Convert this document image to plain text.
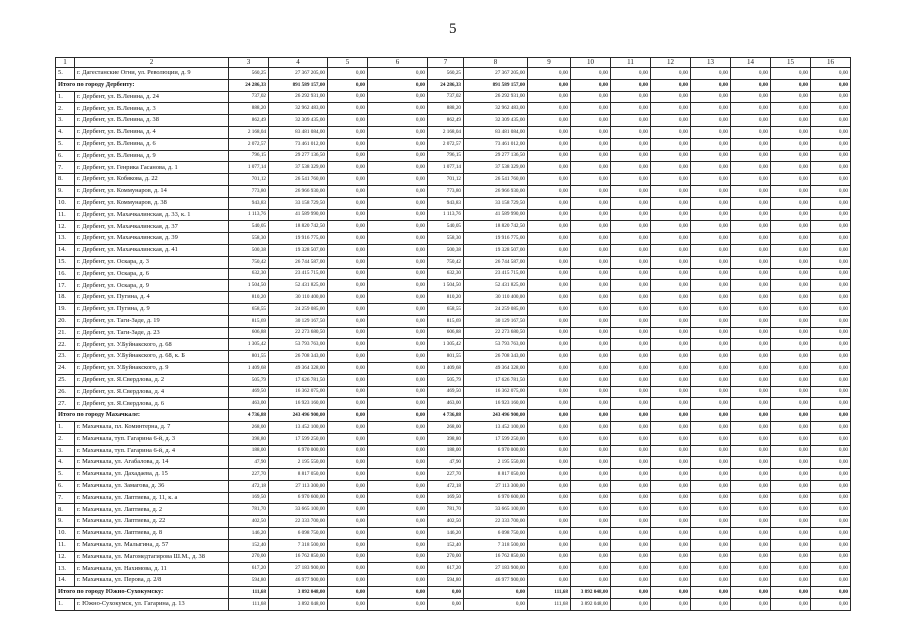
5
1	2	3	4	5	6	7	8	9	10	11	12	13	14	15	16
5.	г. Дагестанские Огни, ул. Революции, д. 9	560,25	27 367 205,00	0,00	0,00	560,25	27 367 205,00	0,00	0,00	0,00	0,00	0,00	0,00	0,00	0,00
Итого по городу Дербенту:		24 286,33	891 589 157,00	0,00	0,00	24 286,33	891 589 157,00	0,00	0,00	0,00	0,00	0,00	0,00	0,00	0,00
1.	г. Дербент, ул. В.Ленина, д. 24	737,02	26 292 931,00	0,00	0,00	737,02	26 292 931,00	0,00	0,00	0,00	0,00	0,00	0,00	0,00	0,00
2.	г. Дербент, ул. В.Ленина, д. 3	888,20	32 962 483,00	0,00	0,00	888,20	32 962 483,00	0,00	0,00	0,00	0,00	0,00	0,00	0,00	0,00
3.	г. Дербент, ул. В.Ленина, д. 38	862,49	32 309 435,00	0,00	0,00	862,49	32 309 435,00	0,00	0,00	0,00	0,00	0,00	0,00	0,00	0,00
4.	г. Дербент, ул. В.Ленина, д. 4	2 168,04	83 481 084,00	0,00	0,00	2 168,04	83 481 084,00	0,00	0,00	0,00	0,00	0,00	0,00	0,00	0,00
5.	г. Дербент, ул. В.Ленина, д. 6	2 072,57	73 461 012,00	0,00	0,00	2 072,57	73 461 012,00	0,00	0,00	0,00	0,00	0,00	0,00	0,00	0,00
6.	г. Дербент, ул. В.Ленина, д. 9	796,15	29 277 136,50	0,00	0,00	796,15	29 277 136,50	0,00	0,00	0,00	0,00	0,00	0,00	0,00	0,00
7.	г. Дербент, ул. Генрика Гасанова, д. 1	1 077,14	37 538 329,00	0,00	0,00	1 077,14	37 538 329,00	0,00	0,00	0,00	0,00	0,00	0,00	0,00	0,00
8.	г. Дербент, ул. Кобякова, д. 22	701,12	26 541 760,00	0,00	0,00	701,12	26 541 760,00	0,00	0,00	0,00	0,00	0,00	0,00	0,00	0,00
9.	г. Дербент, ул. Коммунаров, д. 14	773,80	26 966 930,00	0,00	0,00	773,80	26 966 930,00	0,00	0,00	0,00	0,00	0,00	0,00	0,00	0,00
10.	г. Дербент, ул. Коммунаров, д. 38	943,83	33 158 729,50	0,00	0,00	943,83	33 158 729,50	0,00	0,00	0,00	0,00	0,00	0,00	0,00	0,00
11.	г. Дербент, ул. Махачкалинская, д. 33, к. 1	1 113,76	41 589 990,00	0,00	0,00	1 113,76	41 589 990,00	0,00	0,00	0,00	0,00	0,00	0,00	0,00	0,00
12.	г. Дербент, ул. Махачкалинская, д. 37	540,05	18 820 742,50	0,00	0,00	540,05	18 820 742,50	0,00	0,00	0,00	0,00	0,00	0,00	0,00	0,00
13.	г. Дербент, ул. Махачкалинская, д. 39	558,30	19 916 775,00	0,00	0,00	558,30	19 916 775,00	0,00	0,00	0,00	0,00	0,00	0,00	0,00	0,00
14.	г. Дербент, ул. Махачкалинская, д. 41	500,38	19 328 507,00	0,00	0,00	500,38	19 328 507,00	0,00	0,00	0,00	0,00	0,00	0,00	0,00	0,00
15.	г. Дербент, ул. Оскара, д. 3	750,42	26 744 587,00	0,00	0,00	750,42	26 744 587,00	0,00	0,00	0,00	0,00	0,00	0,00	0,00	0,00
16.	г. Дербент, ул. Оскара, д. 6	632,30	23 415 715,00	0,00	0,00	632,30	23 415 715,00	0,00	0,00	0,00	0,00	0,00	0,00	0,00	0,00
17.	г. Дербент, ул. Оскара, д. 9	1 504,50	52 431 825,00	0,00	0,00	1 504,50	52 431 825,00	0,00	0,00	0,00	0,00	0,00	0,00	0,00	0,00
18.	г. Дербент, ул. Пугина, д. 4	810,20	30 110 400,00	0,00	0,00	810,20	30 110 400,00	0,00	0,00	0,00	0,00	0,00	0,00	0,00	0,00
19.	г. Дербент, ул. Пугина, д. 9	658,55	24 259 085,00	0,00	0,00	658,55	24 259 085,00	0,00	0,00	0,00	0,00	0,00	0,00	0,00	0,00
20.	г. Дербент, ул. Таги-Заде, д. 19	815,69	30 129 167,50	0,00	0,00	815,69	30 129 167,50	0,00	0,00	0,00	0,00	0,00	0,00	0,00	0,00
21.	г. Дербент, ул. Таги-Заде, д. 23	606,88	22 273 680,50	0,00	0,00	606,88	22 273 680,50	0,00	0,00	0,00	0,00	0,00	0,00	0,00	0,00
22.	г. Дербент, ул. У.Буйнакского, д. 68	1 305,42	53 793 763,00	0,00	0,00	1 305,42	53 793 763,00	0,00	0,00	0,00	0,00	0,00	0,00	0,00	0,00
23.	г. Дербент, ул. У.Буйнакского, д. 68, к. Б	801,55	26 708 343,00	0,00	0,00	801,55	26 708 343,00	0,00	0,00	0,00	0,00	0,00	0,00	0,00	0,00
24.	г. Дербент, ул. У.Буйнакского, д. 9	1 409,68	49 364 328,00	0,00	0,00	1 409,68	49 364 328,00	0,00	0,00	0,00	0,00	0,00	0,00	0,00	0,00
25.	г. Дербент, ул. Я.Свердлова, д. 2	505,79	17 626 781,50	0,00	0,00	505,79	17 626 781,50	0,00	0,00	0,00	0,00	0,00	0,00	0,00	0,00
26.	г. Дербент, ул. Я.Свердлова, д. 4	469,50	16 362 075,00	0,00	0,00	469,50	16 362 075,00	0,00	0,00	0,00	0,00	0,00	0,00	0,00	0,00
27.	г. Дербент, ул. Я.Свердлова, д. 6	463,00	16 923 160,00	0,00	0,00	463,00	16 923 160,00	0,00	0,00	0,00	0,00	0,00	0,00	0,00	0,00
Итого по городу Махачкале:		4 736,88	243 496 900,00	0,00	0,00	4 736,88	243 496 900,00	0,00	0,00	0,00	0,00	0,00	0,00	0,00	0,00
1.	г. Махачкала, пл. Коминтерна, д. 7	268,00	13 452 100,00	0,00	0,00	268,00	13 452 100,00	0,00	0,00	0,00	0,00	0,00	0,00	0,00	0,00
2.	г. Махачкала, туп. Гагарина 6-й, д. 3	398,80	17 599 250,00	0,00	0,00	398,80	17 599 250,00	0,00	0,00	0,00	0,00	0,00	0,00	0,00	0,00
3.	г. Махачкала, туп. Гагарина 6-й, д. 4	188,00	6 970 000,00	0,00	0,00	188,00	6 970 000,00	0,00	0,00	0,00	0,00	0,00	0,00	0,00	0,00
4.	г. Махачкала, ул. Агабалова, д. 14	47,90	2 195 550,00	0,00	0,00	47,90	2 195 550,00	0,00	0,00	0,00	0,00	0,00	0,00	0,00	0,00
5.	г. Махачкала, ул. Дахадаева, д. 15	227,70	8 817 050,00	0,00	0,00	227,70	8 817 050,00	0,00	0,00	0,00	0,00	0,00	0,00	0,00	0,00
6.	г. Махачкала, ул. Замагова, д. 36	472,18	27 113 300,00	0,00	0,00	472,18	27 113 300,00	0,00	0,00	0,00	0,00	0,00	0,00	0,00	0,00
7.	г. Махачкала, ул. Лаптиева, д. 11, к. а	169,50	6 970 600,00	0,00	0,00	169,50	6 970 600,00	0,00	0,00	0,00	0,00	0,00	0,00	0,00	0,00
8.	г. Махачкала, ул. Лаптиева, д. 2	781,70	33 665 100,00	0,00	0,00	781,70	33 665 100,00	0,00	0,00	0,00	0,00	0,00	0,00	0,00	0,00
9.	г. Махачкала, ул. Лаптиева, д. 22	402,50	22 333 700,00	0,00	0,00	402,50	22 333 700,00	0,00	0,00	0,00	0,00	0,00	0,00	0,00	0,00
10.	г. Махачкала, ул. Лаптиева, д. 8	146,20	6 098 750,00	0,00	0,00	146,20	6 098 750,00	0,00	0,00	0,00	0,00	0,00	0,00	0,00	0,00
11.	г. Махачкала, ул. Малыгина, д. 57	152,40	7 318 500,00	0,00	0,00	152,40	7 318 500,00	0,00	0,00	0,00	0,00	0,00	0,00	0,00	0,00
12.	г. Махачкала, ул. Магомедтагирова Ш.М., д. 38	270,00	16 762 850,00	0,00	0,00	270,00	16 762 850,00	0,00	0,00	0,00	0,00	0,00	0,00	0,00	0,00
13.	г. Махачкала, ул. Нахимова, д. 11	617,20	27 183 900,00	0,00	0,00	617,20	27 183 900,00	0,00	0,00	0,00	0,00	0,00	0,00	0,00	0,00
14.	г. Махачкала, ул. Перова, д. 2/8	594,80	46 977 900,00	0,00	0,00	594,80	46 977 900,00	0,00	0,00	0,00	0,00	0,00	0,00	0,00	0,00
Итого по городу Южно-Сухокумску:		111,68	3 892 048,00	0,00	0,00	0,00	0,00	111,68	3 892 048,00	0,00	0,00	0,00	0,00	0,00	0,00
1.	г. Южно-Сухокумск, ул. Гагарина, д. 13	111,68	3 892 048,00	0,00	0,00	0,00	0,00	111,68	3 892 048,00	0,00	0,00	0,00	0,00	0,00	0,00
